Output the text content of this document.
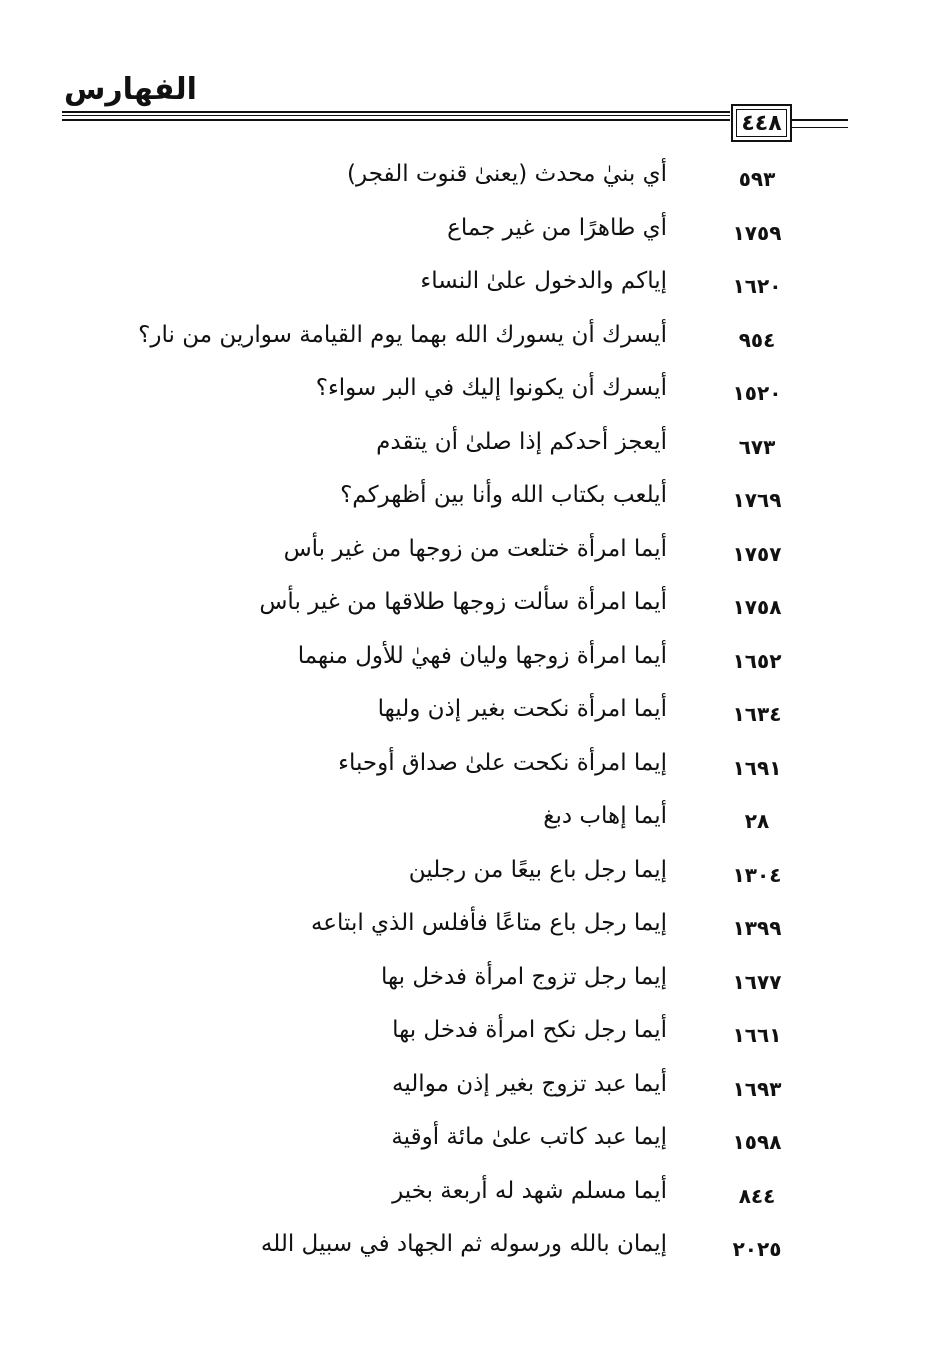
الفهارس
٤٤٨
٥٩٣
أي بنيٰ محدث (يعنىٰ قنوت الفجر)
١٧٥٩
أي طاهرًا من غير جماع
١٦٢٠
إياكم والدخول علىٰ النساء
٩٥٤
أيسرك أن يسورك الله بهما يوم القيامة سوارين من نار؟
١٥٢٠
أيسرك أن يكونوا إليك في البر سواء؟
٦٧٣
أيعجز أحدكم إذا صلىٰ أن يتقدم
١٧٦٩
أيلعب بكتاب الله وأنا بين أظهركم؟
١٧٥٧
أيما امرأة ختلعت من زوجها من غير بأس
١٧٥٨
أيما امرأة سألت زوجها طلاقها من غير بأس
١٦٥٢
أيما امرأة زوجها وليان فهيٰ للأول منهما
١٦٣٤
أيما امرأة نكحت بغير إذن وليها
١٦٩١
إيما امرأة نكحت علىٰ صداق أوحباء
٢٨
أيما إهاب دبغ
١٣٠٤
إيما رجل باع بيعًا من رجلين
١٣٩٩
إيما رجل باع متاعًا فأفلس الذي ابتاعه
١٦٧٧
إيما رجل تزوج امرأة فدخل بها
١٦٦١
أيما رجل نكح امرأة فدخل بها
١٦٩٣
أيما عبد تزوج بغير إذن مواليه
١٥٩٨
إيما عبد كاتب علىٰ مائة أوقية
٨٤٤
أيما مسلم شهد له أربعة بخير
٢٠٢٥
إيمان بالله ورسوله ثم الجهاد في سبيل الله
